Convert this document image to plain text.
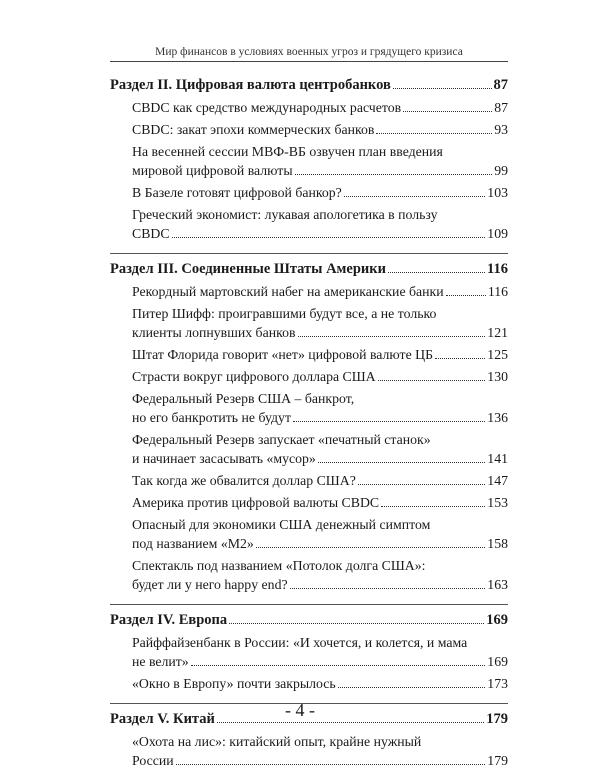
Мир финансов в условиях военных угроз и грядущего кризиса
Раздел II. Цифровая валюта центробанков	87
CBDC как средство международных расчетов	87
CBDC: закат эпохи коммерческих банков	93
На весенней сессии МВФ-ВБ озвучен план введения
мировой цифровой валюты	99
В Базеле готовят цифровой банкор?	103
Греческий экономист: лукавая апологетика в пользу
CBDC	109
Раздел III. Соединенные Штаты Америки	116
Рекордный мартовский набег на американские банки	116
Питер Шифф: проигравшими будут все, а не только
клиенты лопнувших банков	121
Штат Флорида говорит «нет» цифровой валюте ЦБ	125
Страсти вокруг цифрового доллара США	130
Федеральный Резерв США – банкрот,
но его банкротить не будут	136
Федеральный Резерв запускает «печатный станок»
и начинает засасывать «мусор»	141
Так когда же обвалится доллар США?	147
Америка против цифровой валюты CBDC	153
Опасный для экономики США денежный симптом
под названием «M2»	158
Спектакль под названием «Потолок долга США»:
будет ли у него happy end?	163
Раздел IV. Европа	169
Райффайзенбанк в России: «И хочется, и колется, и мама
не велит»	169
«Окно в Европу» почти закрылось	173
Раздел V. Китай	179
«Охота на лис»: китайский опыт, крайне нужный
России	179
- 4 -
